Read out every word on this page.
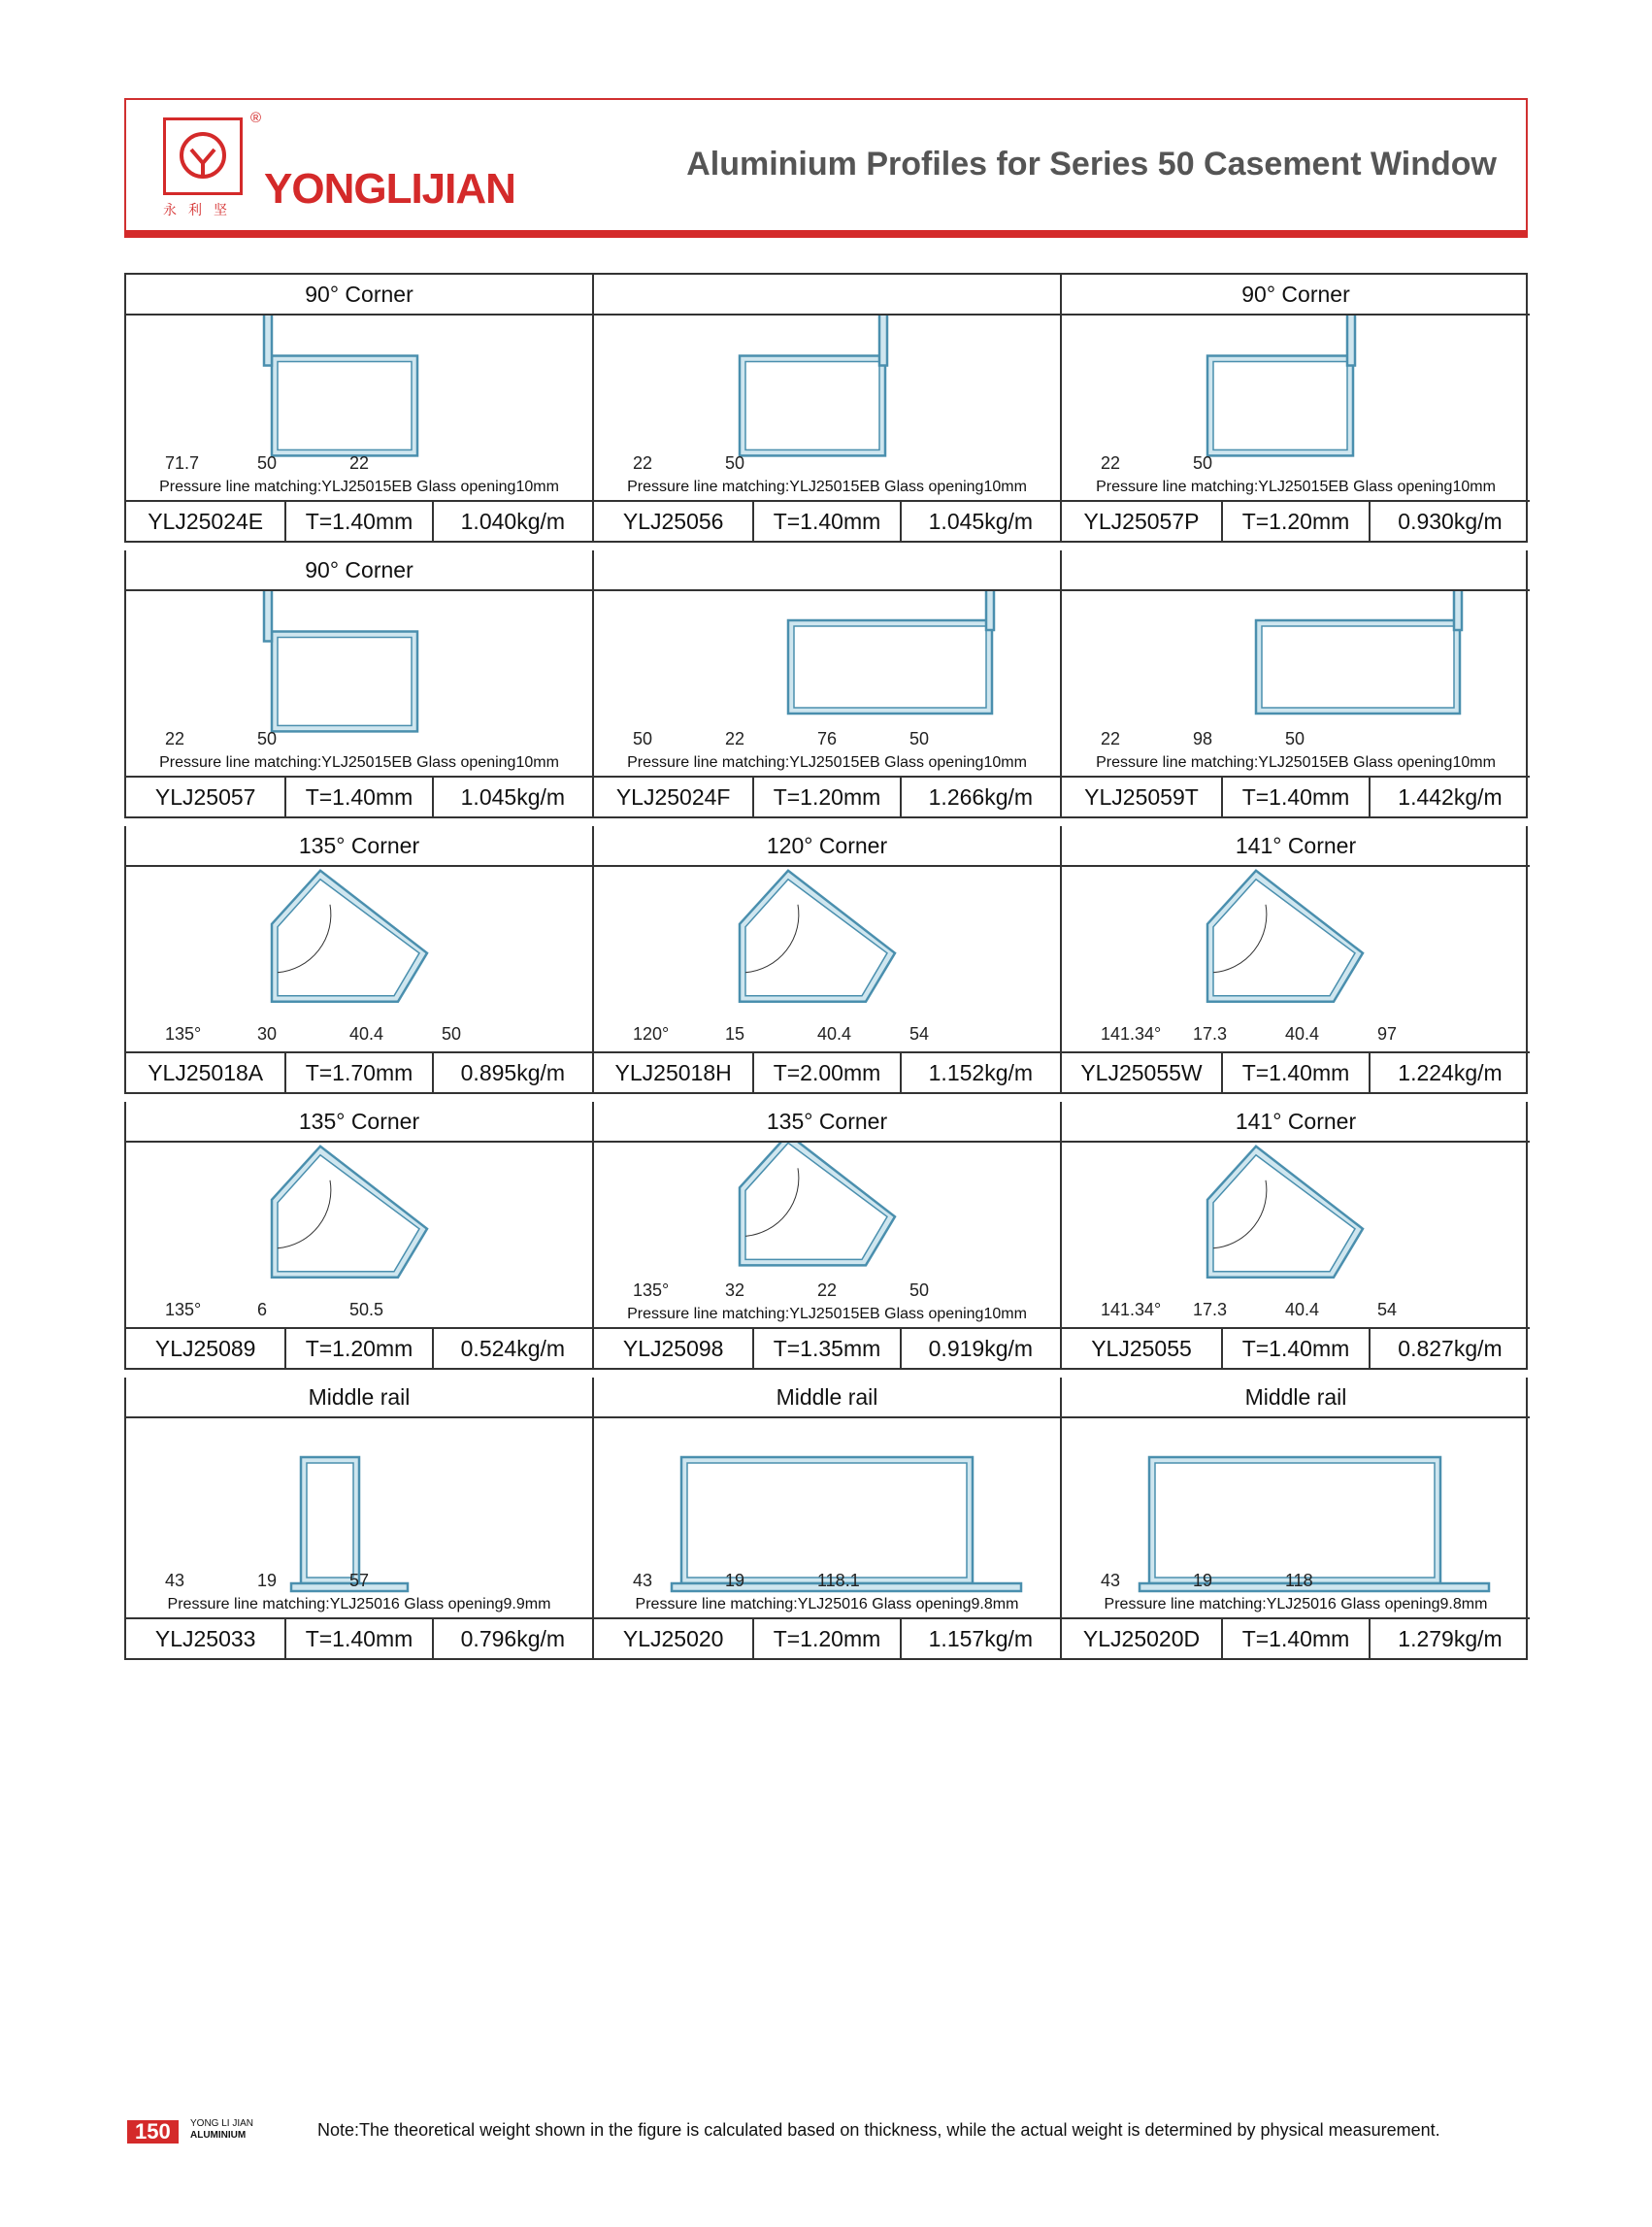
®
YONGLIJIAN
永利坚
Aluminium Profiles for Series 50 Casement Window
90° Corner
71.7	50	22
Pressure line matching:YLJ25015EB Glass opening10mm
YLJ25024E	T=1.40mm	1.040kg/m
22	50
Pressure line matching:YLJ25015EB Glass opening10mm
YLJ25056	T=1.40mm	1.045kg/m
90° Corner
22	50
Pressure line matching:YLJ25015EB Glass opening10mm
YLJ25057P	T=1.20mm	0.930kg/m
90° Corner
22	50
Pressure line matching:YLJ25015EB Glass opening10mm
YLJ25057	T=1.40mm	1.045kg/m
50	22	76	50
Pressure line matching:YLJ25015EB Glass opening10mm
YLJ25024F	T=1.20mm	1.266kg/m
22	98	50
Pressure line matching:YLJ25015EB Glass opening10mm
YLJ25059T	T=1.40mm	1.442kg/m
135° Corner
135°	30	40.4	50
YLJ25018A	T=1.70mm	0.895kg/m
120° Corner
120°	15	40.4	54
YLJ25018H	T=2.00mm	1.152kg/m
141° Corner
141.34° 17.3	40.4	97
YLJ25055W	T=1.40mm	1.224kg/m
135° Corner
135°	6	50.5
YLJ25089	T=1.20mm	0.524kg/m
135° Corner
135°	32	22	50
Pressure line matching:YLJ25015EB Glass opening10mm
YLJ25098	T=1.35mm	0.919kg/m
141° Corner
141.34° 17.3	40.4	54
YLJ25055	T=1.40mm	0.827kg/m
Middle rail
43	19	57
Pressure line matching:YLJ25016 Glass opening9.9mm
YLJ25033	T=1.40mm	0.796kg/m
Middle rail
43	19	118.1
Pressure line matching:YLJ25016 Glass opening9.8mm
YLJ25020	T=1.20mm	1.157kg/m
Middle rail
43	19	118
Pressure line matching:YLJ25016 Glass opening9.8mm
YLJ25020D	T=1.40mm	1.279kg/m
150	YONG LI JIAN
ALUMINIUM	Note:The theoretical weight shown in the figure is calculated based on thickness, while the actual weight is determined by physical measurement.
